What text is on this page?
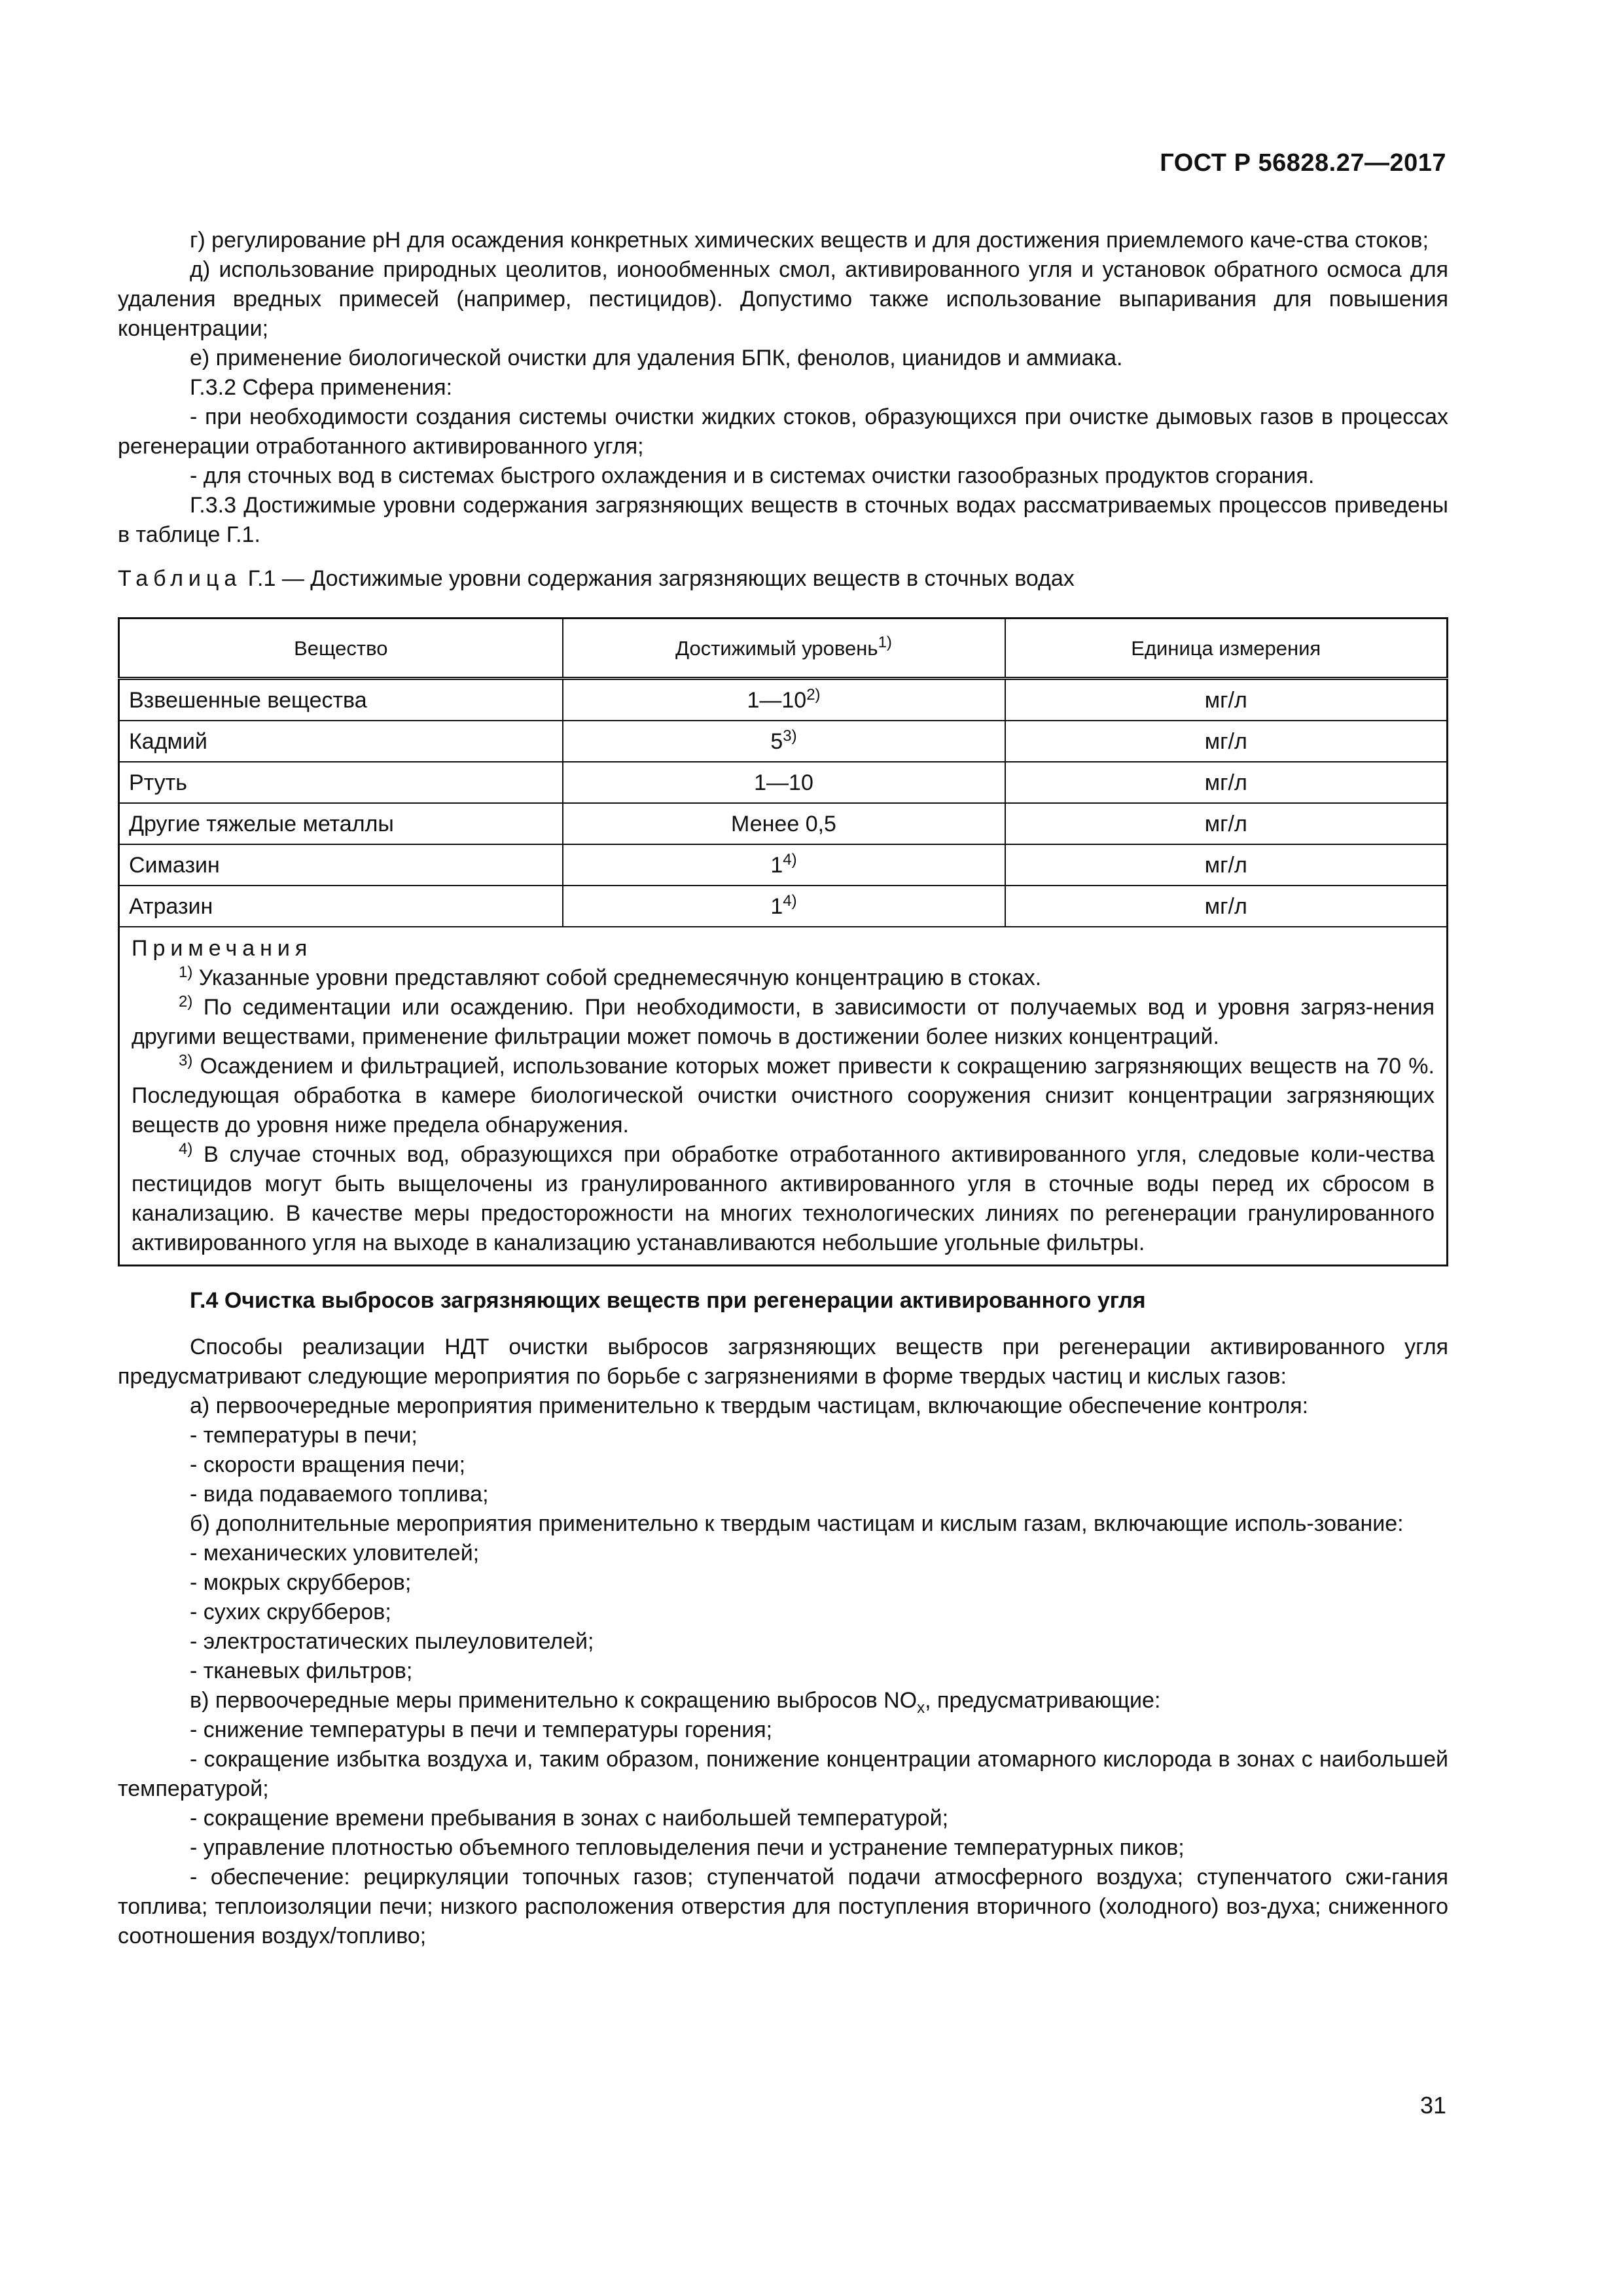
ГОСТ Р 56828.27—2017

г) регулирование pH для осаждения конкретных химических веществ и для достижения приемлемого каче-ства стоков;

д) использование природных цеолитов, ионообменных смол, активированного угля и установок обратного осмоса для удаления вредных примесей (например, пестицидов). Допустимо также использование выпаривания для повышения концентрации;

е) применение биологической очистки для удаления БПК, фенолов, цианидов и аммиака.

Г.3.2 Сфера применения:

- при необходимости создания системы очистки жидких стоков, образующихся при очистке дымовых газов в процессах регенерации отработанного активированного угля;

- для сточных вод в системах быстрого охлаждения и в системах очистки газообразных продуктов сгорания.

Г.3.3 Достижимые уровни содержания загрязняющих веществ в сточных водах рассматриваемых процессов приведены в таблице Г.1.

Таблица Г.1 — Достижимые уровни содержания загрязняющих веществ в сточных водах

Вещество	Достижимый уровень$^{1)}$	Единица измерения
Взвешенные вещества	1—10$^{2)}$	мг/л
Кадмий	5$^{3)}$	мг/л
Ртуть	1—10	мг/л
Другие тяжелые металлы	Менее 0,5	мг/л
Симазин	1$^{4)}$	мг/л
Атразин	1$^{4)}$	мг/л

Примечания

$^{1)}$ Указанные уровни представляют собой среднемесячную концентрацию в стоках.

$^{2)}$ По седиментации или осаждению. При необходимости, в зависимости от получаемых вод и уровня загряз-нения другими веществами, применение фильтрации может помочь в достижении более низких концентраций.

$^{3)}$ Осаждением и фильтрацией, использование которых может привести к сокращению загрязняющих веществ на 70 %. Последующая обработка в камере биологической очистки очистного сооружения снизит концентрации загрязняющих веществ до уровня ниже предела обнаружения.

$^{4)}$ В случае сточных вод, образующихся при обработке отработанного активированного угля, следовые коли-чества пестицидов могут быть выщелочены из гранулированного активированного угля в сточные воды перед их сбросом в канализацию. В качестве меры предосторожности на многих технологических линиях по регенерации гранулированного активированного угля на выходе в канализацию устанавливаются небольшие угольные фильтры.		

Г.4 Очистка выбросов загрязняющих веществ при регенерации активированного угля

Способы реализации НДТ очистки выбросов загрязняющих веществ при регенерации активированного угля предусматривают следующие мероприятия по борьбе с загрязнениями в форме твердых частиц и кислых газов:

а) первоочередные мероприятия применительно к твердым частицам, включающие обеспечение контроля:

- температуры в печи;

- скорости вращения печи;

- вида подаваемого топлива;

б) дополнительные мероприятия применительно к твердым частицам и кислым газам, включающие исполь-зование:

- механических уловителей;

- мокрых скрубберов;

- сухих скрубберов;

- электростатических пылеуловителей;

- тканевых фильтров;

в) первоочередные меры применительно к сокращению выбросов $NO_x$, предусматривающие:

- снижение температуры в печи и температуры горения;

- сокращение избытка воздуха и, таким образом, понижение концентрации атомарного кислорода в зонах с наибольшей температурой;

- сокращение времени пребывания в зонах с наибольшей температурой;

- управление плотностью объемного тепловыделения печи и устранение температурных пиков;

- обеспечение: рециркуляции топочных газов; ступенчатой подачи атмосферного воздуха; ступенчатого сжи-гания топлива; теплоизоляции печи; низкого расположения отверстия для поступления вторичного (холодного) воз-духа; сниженного соотношения воздух/топливо;

31
